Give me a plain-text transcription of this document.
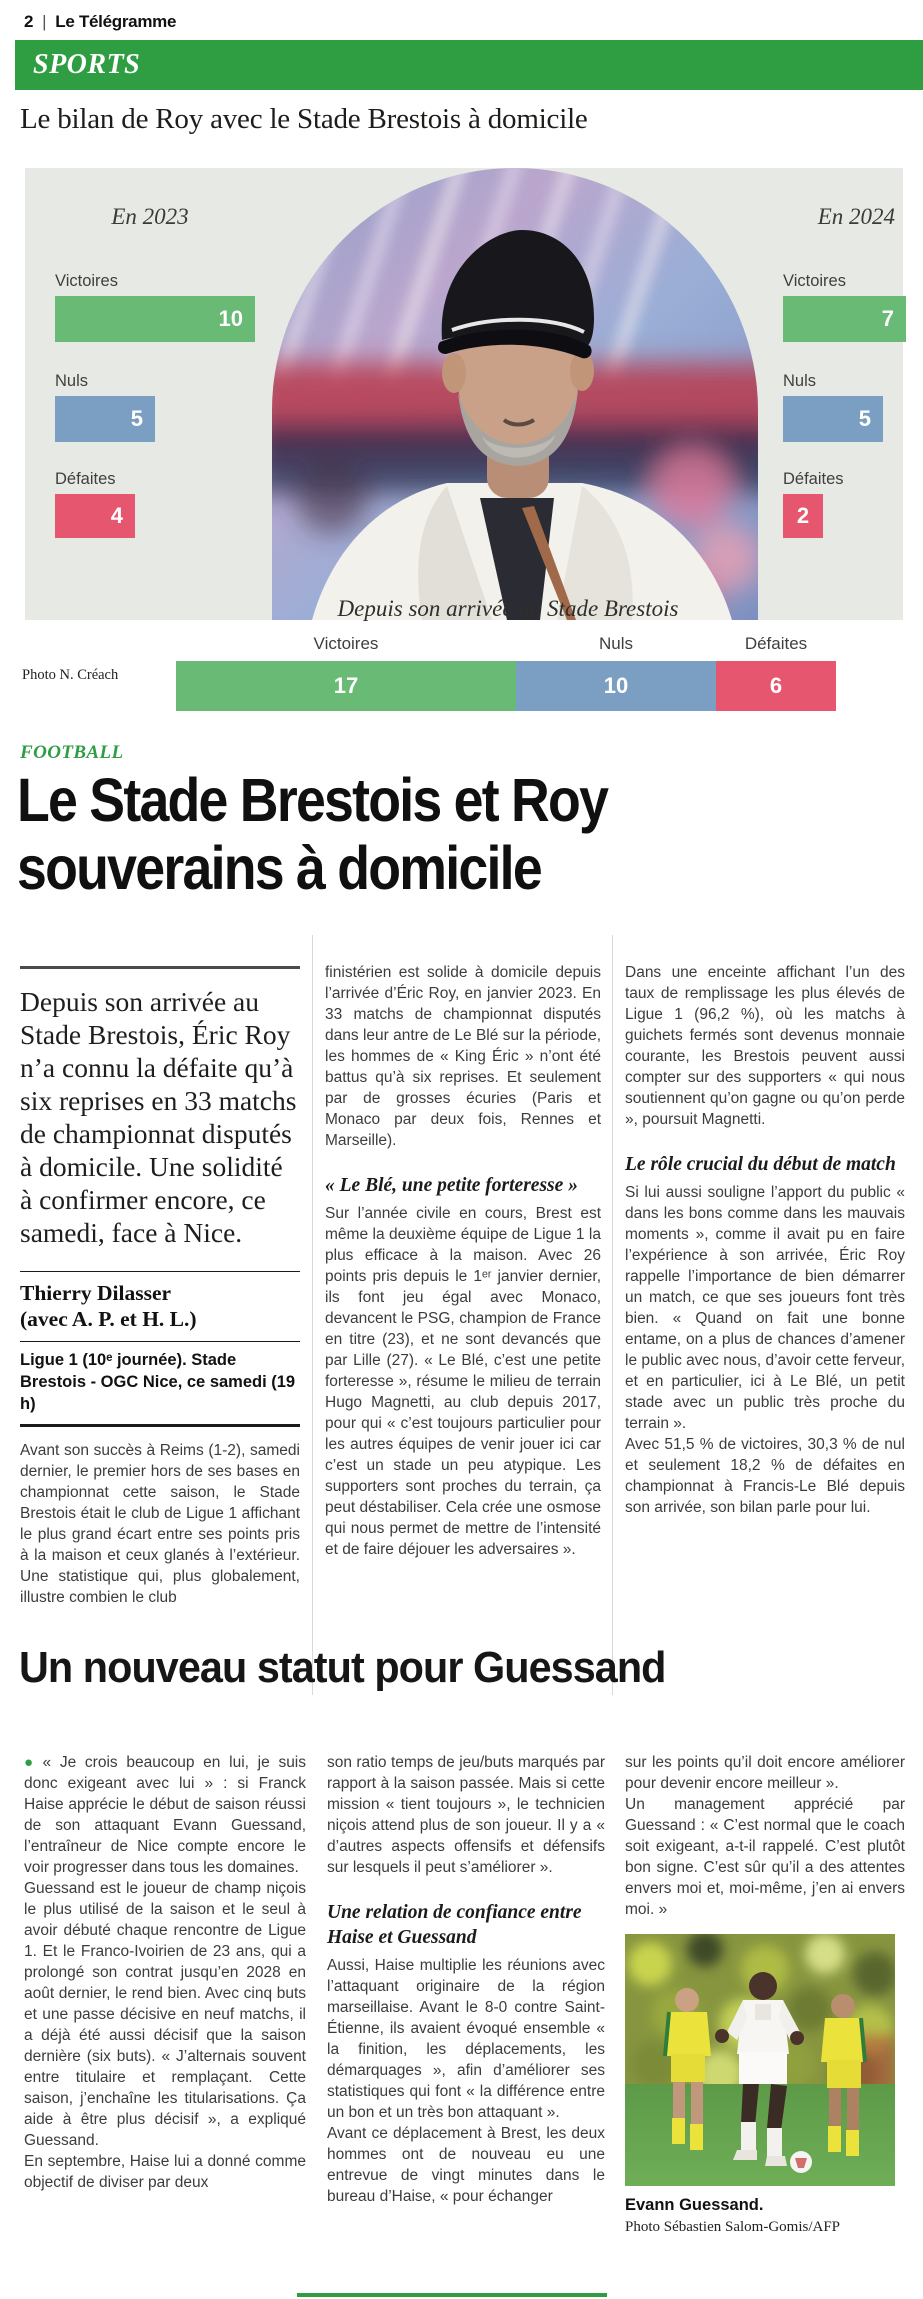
2 | Le Télégramme
SPORTS
Le bilan de Roy avec le Stade Brestois à domicile
En 2023
Victoires
10
Nuls
5
Défaites
4
En 2024
Victoires
7
Nuls
5
Défaites
2
Depuis son arrivée au Stade Brestois
Victoires	Nuls	Défaites
17	10	6
Photo N. Créach
FOOTBALL
Le Stade Brestois et Roy
souverains à domicile
Depuis son arrivée au Stade Brestois, Éric Roy n’a connu la défaite qu’à six reprises en 33 matchs de championnat disputés à domicile. Une solidité à confirmer encore, ce samedi, face à Nice.
Thierry Dilasser
(avec A. P. et H. L.)
Ligue 1 (10ᵉ journée). Stade Brestois - OGC Nice, ce samedi (19 h)

Avant son succès à Reims (1-2), samedi dernier, le premier hors de ses bases en championnat cette saison, le Stade Brestois était le club de Ligue 1 affichant le plus grand écart entre ses points pris à la maison et ceux glanés à l’extérieur. Une statistique qui, plus globalement, illustre combien le club

finistérien est solide à domicile depuis l’arrivée d’Éric Roy, en janvier 2023. En 33 matchs de championnat disputés dans leur antre de Le Blé sur la période, les hommes de « King Éric » n’ont été battus qu’à six reprises. Et seulement par de grosses écuries (Paris et Monaco par deux fois, Rennes et Marseille).

« Le Blé, une petite forteresse »

Sur l’année civile en cours, Brest est même la deuxième équipe de Ligue 1 la plus efficace à la maison. Avec 26 points pris depuis le 1ᵉʳ janvier dernier, ils font jeu égal avec Monaco, devancent le PSG, champion de France en titre (23), et ne sont devancés que par Lille (27). « Le Blé, c’est une petite forteresse », résume le milieu de terrain Hugo Magnetti, au club depuis 2017, pour qui « c’est toujours particulier pour les autres équipes de venir jouer ici car c’est un stade un peu atypique. Les supporters sont proches du terrain, ça peut déstabiliser. Cela crée une osmose qui nous permet de mettre de l’intensité et de faire déjouer les adversaires ».

Dans une enceinte affichant l’un des taux de remplissage les plus élevés de Ligue 1 (96,2 %), où les matchs à guichets fermés sont devenus monnaie courante, les Brestois peuvent aussi compter sur des supporters « qui nous soutiennent qu’on gagne ou qu’on perde », poursuit Magnetti.

Le rôle crucial du début de match

Si lui aussi souligne l’apport du public « dans les bons comme dans les mauvais moments », comme il avait pu en faire l’expérience à son arrivée, Éric Roy rappelle l’importance de bien démarrer un match, ce que ses joueurs font très bien. « Quand on fait une bonne entame, on a plus de chances d’amener le public avec nous, d’avoir cette ferveur, et en particulier, ici à Le Blé, un petit stade avec un public très proche du terrain ».

Avec 51,5 % de victoires, 30,3 % de nul et seulement 18,2 % de défaites en championnat à Francis-Le Blé depuis son arrivée, son bilan parle pour lui.

Un nouveau statut pour Guessand

● « Je crois beaucoup en lui, je suis donc exigeant avec lui » : si Franck Haise apprécie le début de saison réussi de son attaquant Evann Guessand, l’entraîneur de Nice compte encore le voir progresser dans tous les domaines.

Guessand est le joueur de champ niçois le plus utilisé de la saison et le seul à avoir débuté chaque rencontre de Ligue 1. Et le Franco-Ivoirien de 23 ans, qui a prolongé son contrat jusqu’en 2028 en août dernier, le rend bien. Avec cinq buts et une passe décisive en neuf matchs, il a déjà été aussi décisif que la saison dernière (six buts). « J’alternais souvent entre titulaire et remplaçant. Cette saison, j’enchaîne les titularisations. Ça aide à être plus décisif », a expliqué Guessand.

En septembre, Haise lui a donné comme objectif de diviser par deux

son ratio temps de jeu/buts marqués par rapport à la saison passée. Mais si cette mission « tient toujours », le technicien niçois attend plus de son joueur. Il y a « d’autres aspects offensifs et défensifs sur lesquels il peut s’améliorer ».

Une relation de confiance entre Haise et Guessand

Aussi, Haise multiplie les réunions avec l’attaquant originaire de la région marseillaise. Avant le 8-0 contre Saint-Étienne, ils avaient évoqué ensemble « la finition, les déplacements, les démarquages », afin d’améliorer ses statistiques qui font « la différence entre un bon et un très bon attaquant ».

Avant ce déplacement à Brest, les deux hommes ont de nouveau eu une entrevue de vingt minutes dans le bureau d’Haise, « pour échanger

sur les points qu’il doit encore améliorer pour devenir encore meilleur ».

Un management apprécié par Guessand : « C’est normal que le coach soit exigeant, a-t-il rappelé. C’est plutôt bon signe. C’est sûr qu’il a des attentes envers moi et, moi-même, j’en ai envers moi. »

Evann Guessand.
Photo Sébastien Salom-Gomis/AFP
